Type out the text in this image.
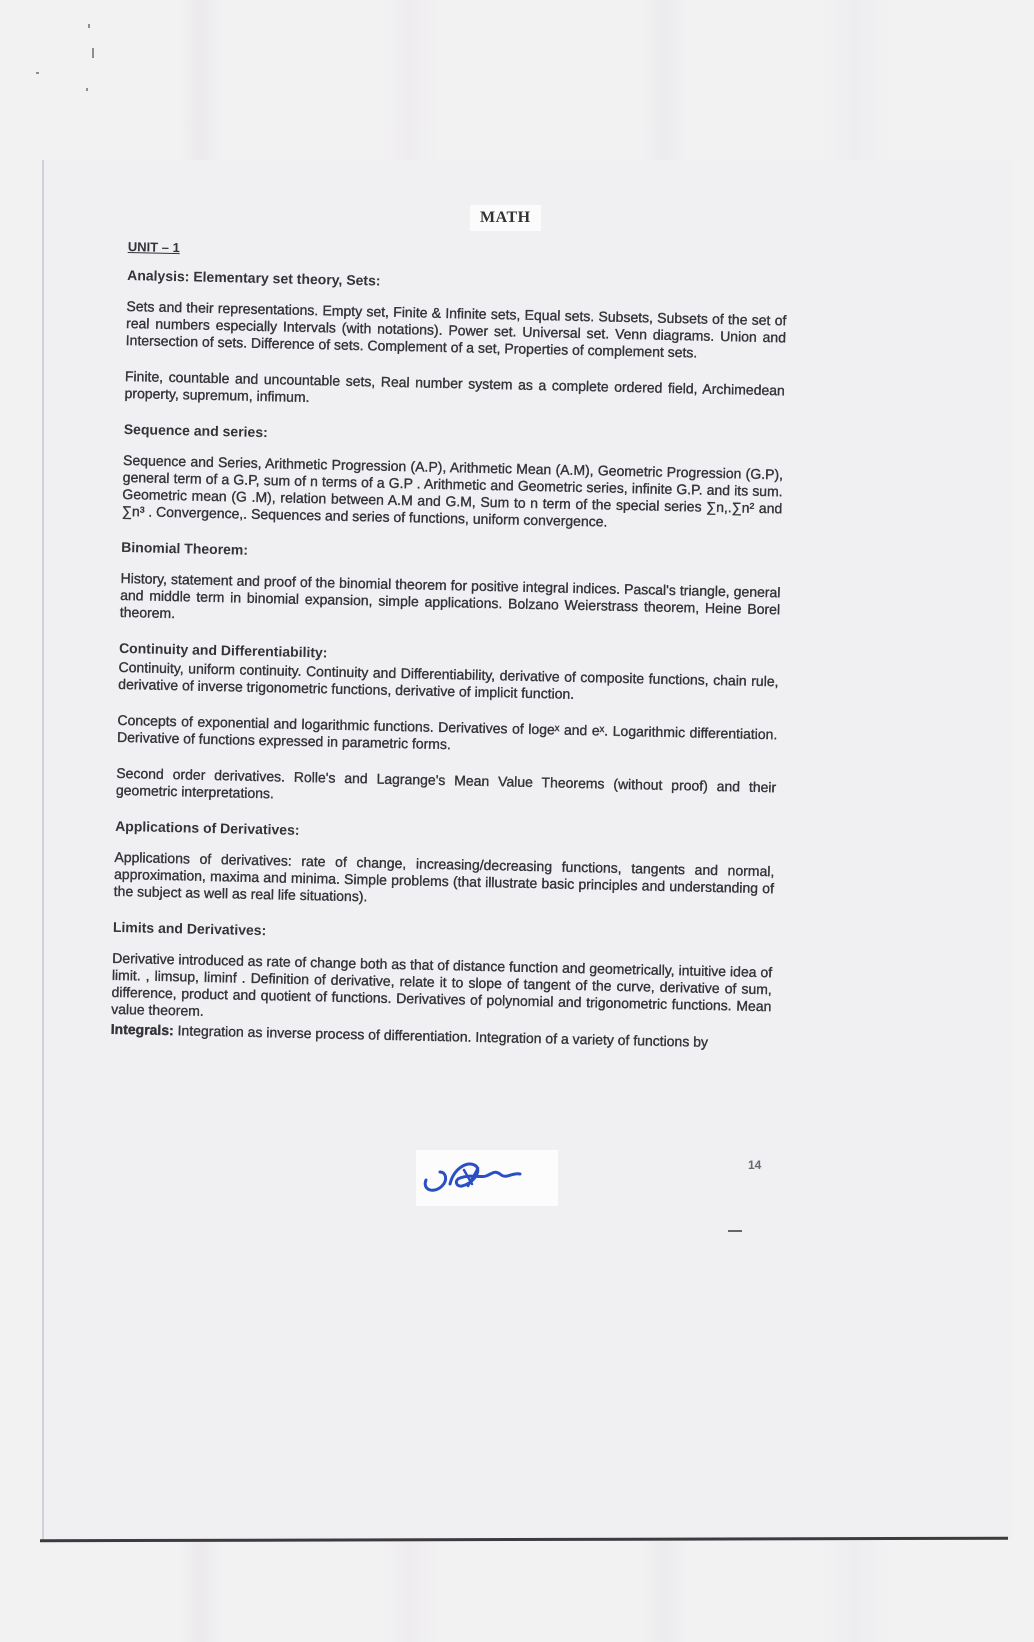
MATH
UNIT – 1
Analysis: Elementary set theory, Sets:

Sets and their representations. Empty set, Finite & Infinite sets, Equal sets. Subsets, Subsets of the set of real numbers especially Intervals (with notations). Power set. Universal set. Venn diagrams. Union and Intersection of sets. Difference of sets. Complement of a set, Properties of complement sets.

Finite, countable and uncountable sets, Real number system as a complete ordered field, Archimedean property, supremum, infimum.

Sequence and series:

Sequence and Series, Arithmetic Progression (A.P), Arithmetic Mean (A.M), Geometric Progression (G.P), general term of a G.P, sum of n terms of a G.P . Arithmetic and Geometric series, infinite G.P. and its sum. Geometric mean (G .M), relation between A.M and G.M, Sum to n term of the special series ∑n,.∑n² and ∑n³ . Convergence,. Sequences and series of functions, uniform convergence.

Binomial Theorem:

History, statement and proof of the binomial theorem for positive integral indices. Pascal's triangle, general and middle term in binomial expansion, simple applications. Bolzano Weierstrass theorem, Heine Borel theorem.

Continuity and Differentiability:

Continuity, uniform continuity. Continuity and Differentiability, derivative of composite functions, chain rule, derivative of inverse trigonometric functions, derivative of implicit function.

Concepts of exponential and logarithmic functions. Derivatives of logeˣ and eˣ. Logarithmic differentiation. Derivative of functions expressed in parametric forms.

Second order derivatives. Rolle's and Lagrange's Mean Value Theorems (without proof) and their geometric interpretations.

Applications of Derivatives:

Applications of derivatives: rate of change, increasing/decreasing functions, tangents and normal, approximation, maxima and minima. Simple problems (that illustrate basic principles and understanding of the subject as well as real life situations).

Limits and Derivatives:

Derivative introduced as rate of change both as that of distance function and geometrically, intuitive idea of limit. , limsup, liminf . Definition of derivative, relate it to slope of tangent of the curve, derivative of sum, difference, product and quotient of functions. Derivatives of polynomial and trigonometric functions. Mean value theorem.

Integrals: Integration as inverse process of differentiation. Integration of a variety of functions by

14
